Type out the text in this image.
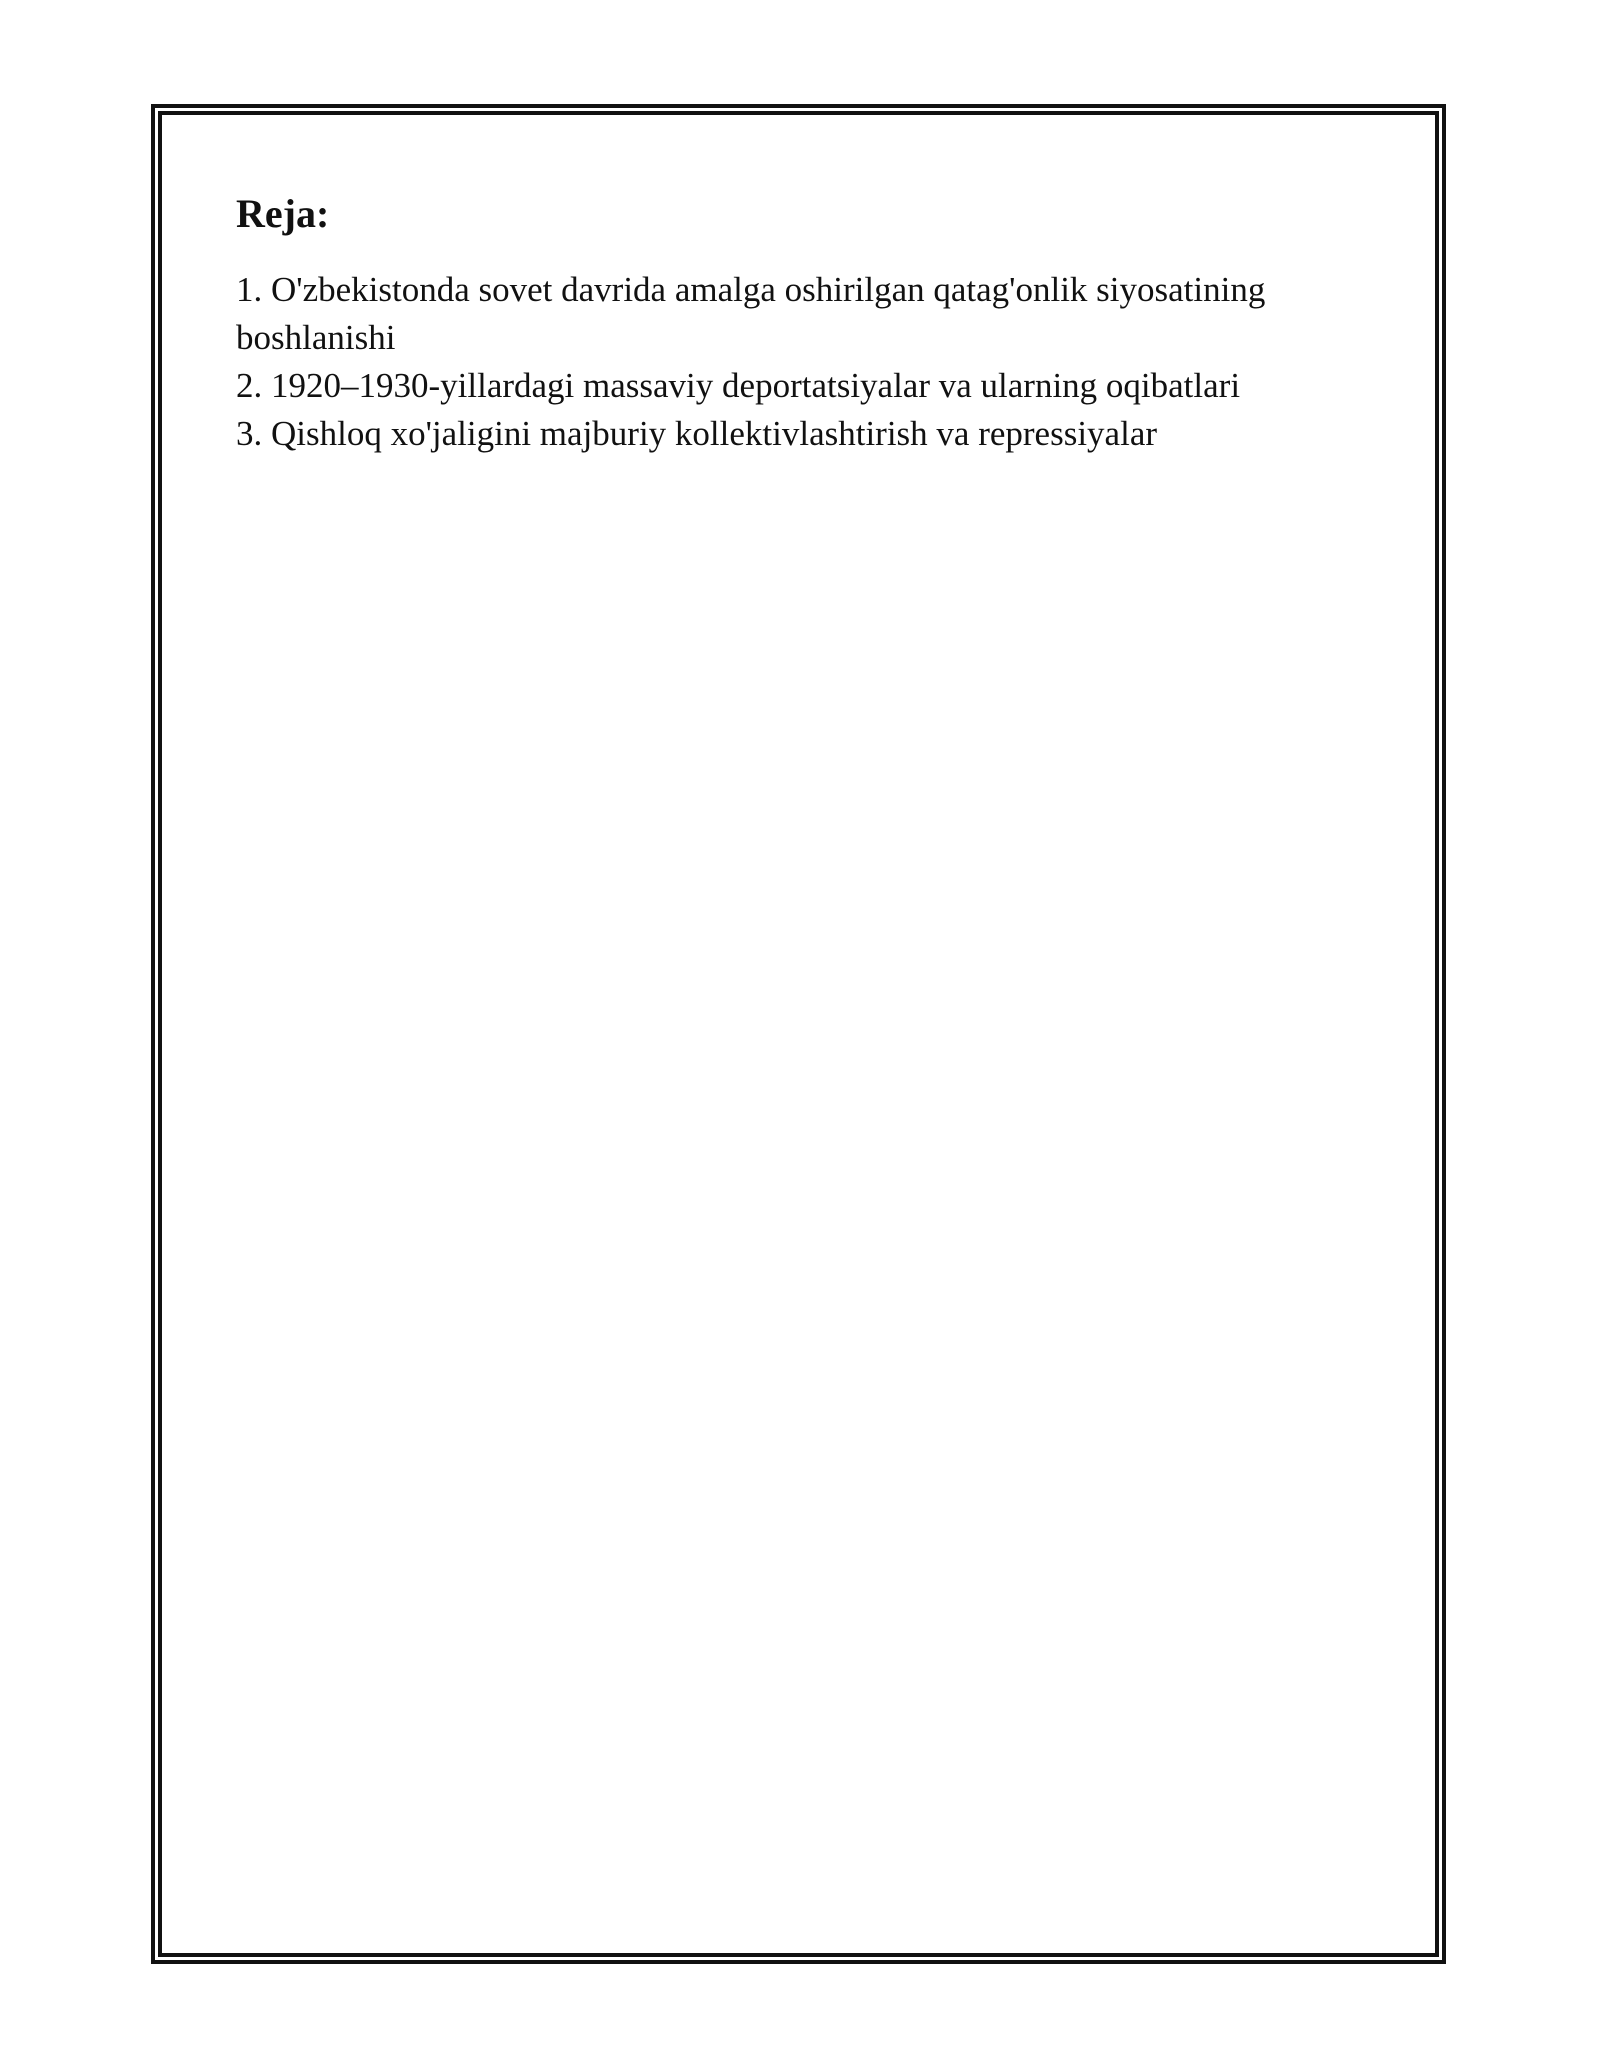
Reja:
1. O'zbekistonda sovet davrida amalga oshirilgan qatag'onlik siyosatining boshlanishi
2. 1920–1930-yillardagi massaviy deportatsiyalar va ularning oqibatlari
3. Qishloq xo'jaligini majburiy kollektivlashtirish va repressiyalar
